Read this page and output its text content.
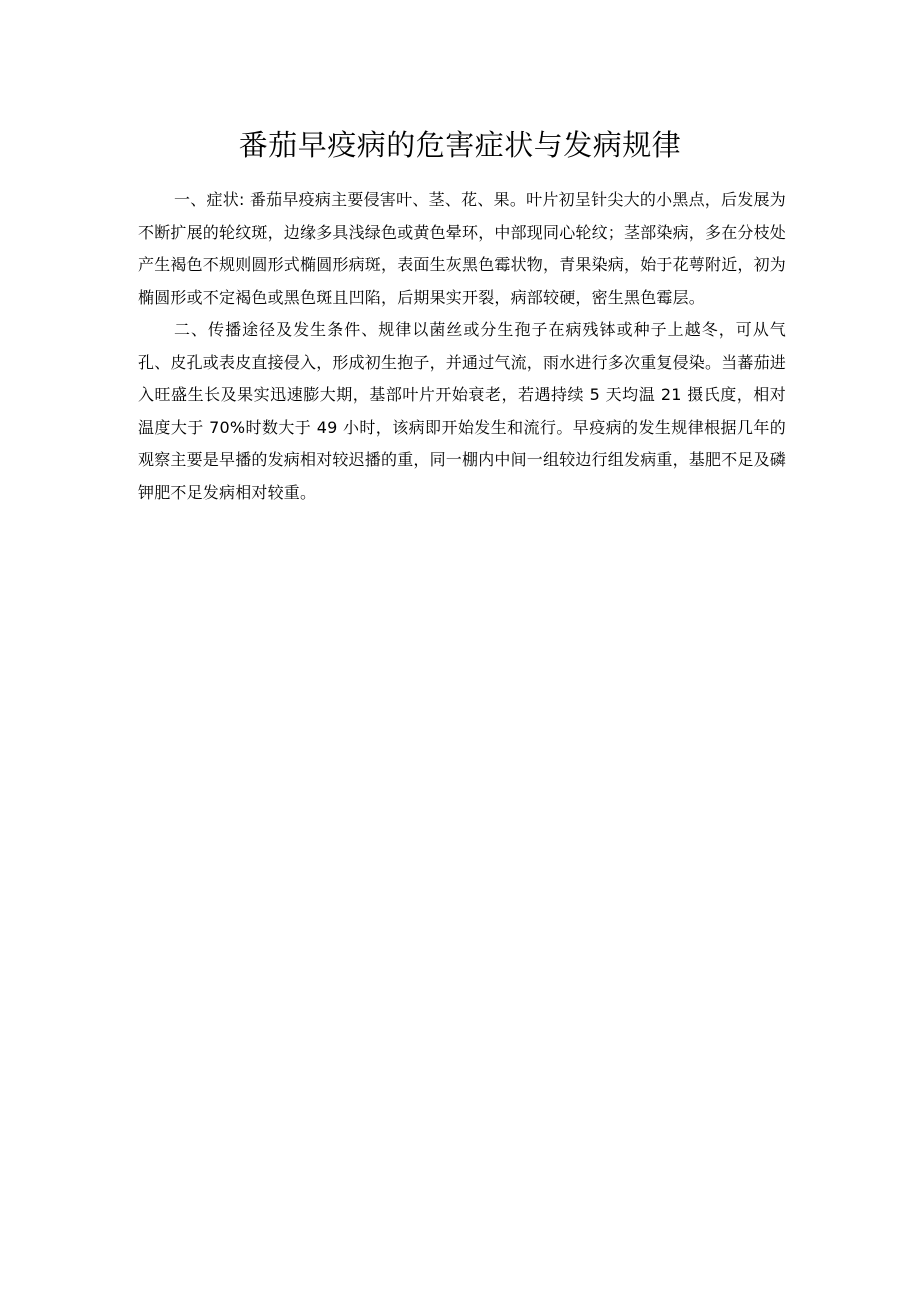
番茄早疫病的危害症状与发病规律

一、症状: 番茄早疫病主要侵害叶、茎、花、果。叶片初呈针尖大的小黑点，后发展为不断扩展的轮纹斑，边缘多具浅绿色或黄色晕环，中部现同心轮纹；茎部染病，多在分枝处产生褐色不规则圆形式椭圆形病斑，表面生灰黑色霉状物，青果染病，始于花萼附近，初为椭圆形或不定褐色或黑色斑且凹陷，后期果实开裂，病部较硬，密生黑色霉层。

二、传播途径及发生条件、规律以菌丝或分生孢子在病残钵或种子上越冬，可从气孔、皮孔或表皮直接侵入，形成初生抱子，并通过气流，雨水进行多次重复侵染。当蕃茄进入旺盛生长及果实迅速膨大期，基部叶片开始衰老，若遇持续 5 天均温 21 摄氏度，相对温度大于 70%时数大于 49 小时，该病即开始发生和流行。早疫病的发生规律根据几年的观察主要是早播的发病相对较迟播的重，同一棚内中间一组较边行组发病重，基肥不足及磷钾肥不足发病相对较重。
